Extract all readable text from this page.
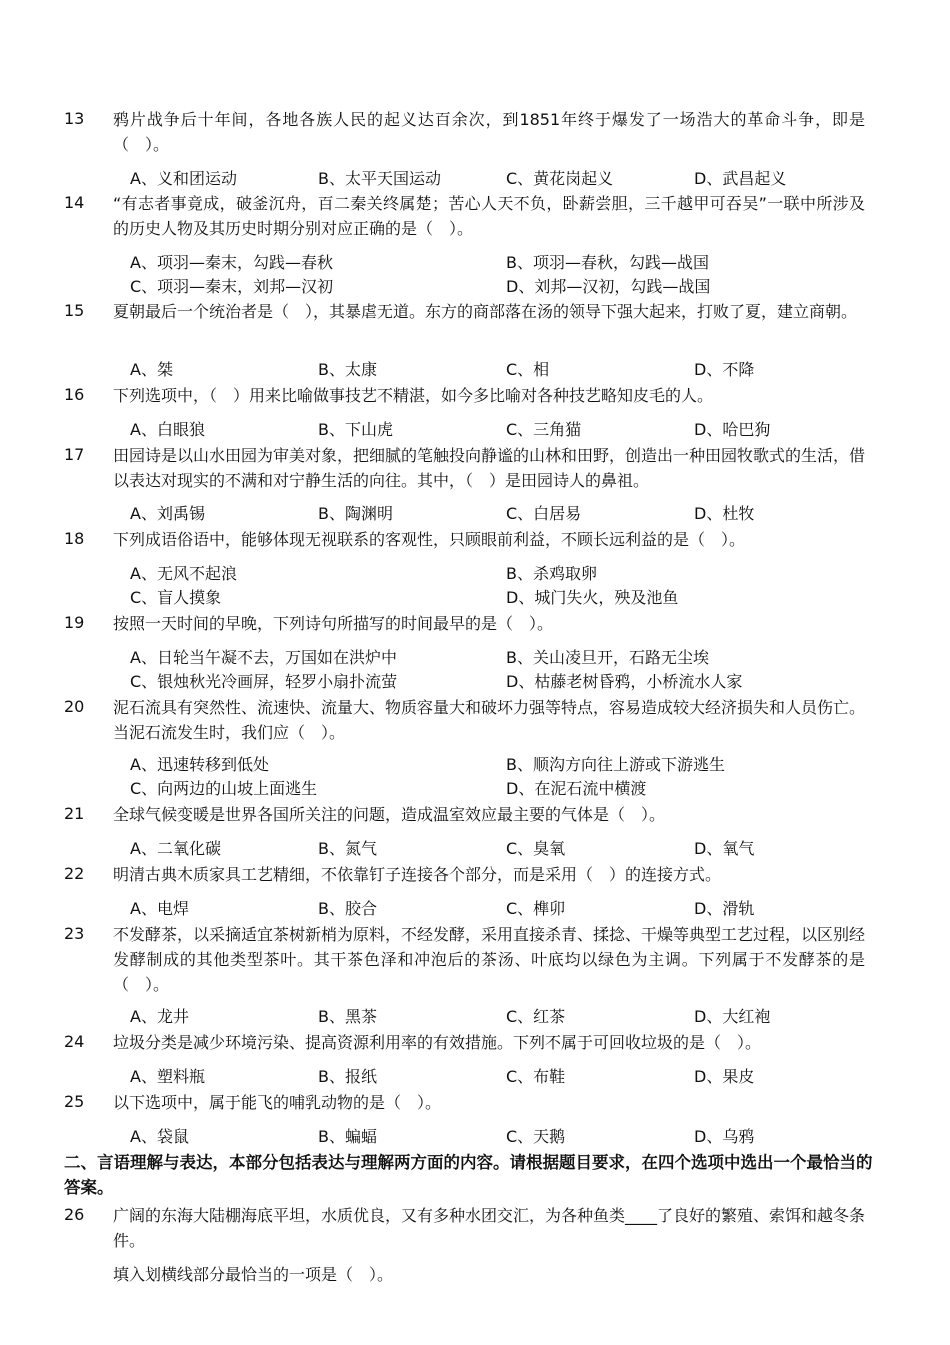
13	鸦片战争后十年间，各地各族人民的起义达百余次，到1851年终于爆发了一场浩大的革命斗争，即是（　）。
A、义和团运动	B、太平天国运动	C、黄花岗起义	D、武昌起义
14	“有志者事竟成，破釜沉舟，百二秦关终属楚；苦心人天不负，卧薪尝胆，三千越甲可吞吴”一联中所涉及的历史人物及其历史时期分别对应正确的是（　）。
A、项羽—秦末，勾践—春秋	B、项羽—春秋，勾践—战国
C、项羽—秦末，刘邦—汉初	D、刘邦—汉初，勾践—战国
15	夏朝最后一个统治者是（　），其暴虐无道。东方的商部落在汤的领导下强大起来，打败了夏，建立商朝。
A、桀	B、太康	C、相	D、不降
16	下列选项中，（　）用来比喻做事技艺不精湛，如今多比喻对各种技艺略知皮毛的人。
A、白眼狼	B、下山虎	C、三角猫	D、哈巴狗
17	田园诗是以山水田园为审美对象，把细腻的笔触投向静谧的山林和田野，创造出一种田园牧歌式的生活，借以表达对现实的不满和对宁静生活的向往。其中，（　）是田园诗人的鼻祖。
A、刘禹锡	B、陶渊明	C、白居易	D、杜牧
18	下列成语俗语中，能够体现无视联系的客观性，只顾眼前利益，不顾长远利益的是（　）。
A、无风不起浪	B、杀鸡取卵
C、盲人摸象	D、城门失火，殃及池鱼
19	按照一天时间的早晚，下列诗句所描写的时间最早的是（　）。
A、日轮当午凝不去，万国如在洪炉中	B、关山凌旦开，石路无尘埃
C、银烛秋光冷画屏，轻罗小扇扑流萤	D、枯藤老树昏鸦，小桥流水人家
20	泥石流具有突然性、流速快、流量大、物质容量大和破坏力强等特点，容易造成较大经济损失和人员伤亡。当泥石流发生时，我们应（　）。
A、迅速转移到低处	B、顺沟方向往上游或下游逃生
C、向两边的山坡上面逃生	D、在泥石流中横渡
21	全球气候变暖是世界各国所关注的问题，造成温室效应最主要的气体是（　）。
A、二氧化碳	B、氮气	C、臭氧	D、氧气
22	明清古典木质家具工艺精细，不依靠钉子连接各个部分，而是采用（　）的连接方式。
A、电焊	B、胶合	C、榫卯	D、滑轨
23	不发酵茶，以采摘适宜茶树新梢为原料，不经发酵，采用直接杀青、揉捻、干燥等典型工艺过程，以区别经发酵制成的其他类型茶叶。其干茶色泽和冲泡后的茶汤、叶底均以绿色为主调。下列属于不发酵茶的是（　）。
A、龙井	B、黑茶	C、红茶	D、大红袍
24	垃圾分类是减少环境污染、提高资源利用率的有效措施。下列不属于可回收垃圾的是（　）。
A、塑料瓶	B、报纸	C、布鞋	D、果皮
25	以下选项中，属于能飞的哺乳动物的是（　）。
A、袋鼠	B、蝙蝠	C、天鹅	D、乌鸦
二、言语理解与表达，本部分包括表达与理解两方面的内容。请根据题目要求，在四个选项中选出一个最恰当的答案。
26	广阔的东海大陆棚海底平坦，水质优良，又有多种水团交汇，为各种鱼类____了良好的繁殖、索饵和越冬条件。
填入划横线部分最恰当的一项是（　）。
